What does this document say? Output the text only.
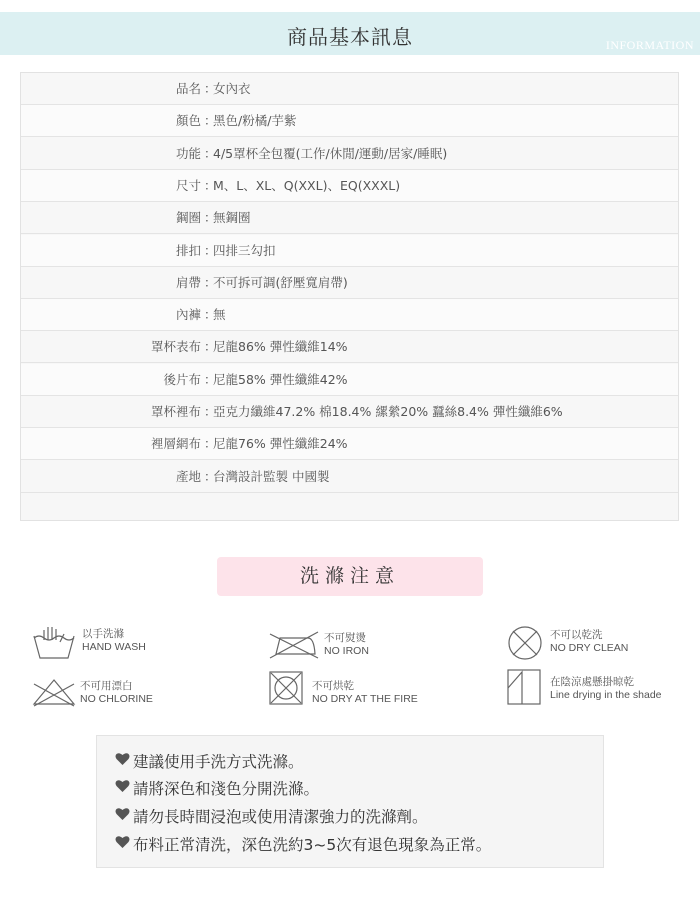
商品基本訊息	INFORMATION
品名 ：
女內衣
顏色 ：
黑色/粉橘/芋紫
功能 ：
4/5罩杯全包覆(工作/休閒/運動/居家/睡眠)
尺寸 ：
M、L、XL、Q(XXL)、EQ(XXXL)
鋼圈 ：
無鋼圈
排扣 ：
四排三勾扣
肩帶 ：
不可拆可調(舒壓寬肩帶)
內褲 ：
無
罩杯表布 ：
尼龍86% 彈性纖維14%
後片布 ：
尼龍58% 彈性纖維42%
罩杯裡布 ：
亞克力纖維47.2% 棉18.4% 縲縈20% 蠶絲8.4% 彈性纖維6%
裡層網布 ：
尼龍76% 彈性纖維24%
產地 ：
台灣設計監製 中國製
洗滌注意
以手洗滌
HAND WASH
不可熨燙
NO IRON
不可以乾洗
NO DRY CLEAN
不可用漂白
NO CHLORINE
不可烘乾
NO DRY AT THE FIRE
在陰涼處懸掛晾乾
Line drying in the shade
建議使用手洗方式洗滌。
請將深色和淺色分開洗滌。
請勿長時間浸泡或使用清潔強力的洗滌劑。
布料正常清洗，深色洗約3~5次有退色現象為正常。
